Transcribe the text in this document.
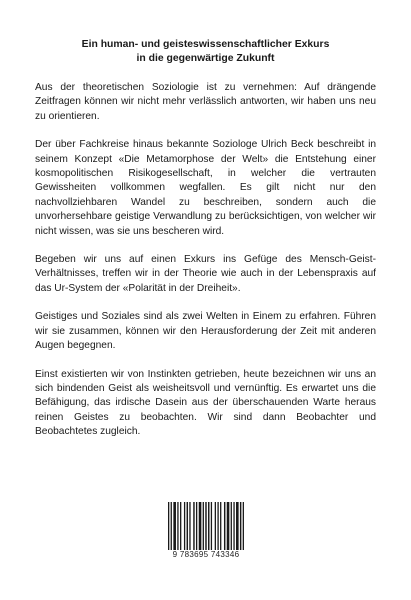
Ein human- und geisteswissenschaftlicher Exkurs
in die gegenwärtige Zukunft

Aus der theoretischen Soziologie ist zu vernehmen: Auf drängende Zeitfragen können wir nicht mehr verlässlich antworten, wir haben uns neu zu orientieren.

Der über Fachkreise hinaus bekannte Soziologe Ulrich Beck beschreibt in seinem Konzept «Die Metamorphose der Welt» die Entstehung einer kosmopolitischen Risikogesellschaft, in welcher die vertrauten Gewissheiten vollkommen wegfallen. Es gilt nicht nur den nachvollziehbaren Wandel zu beschreiben, sondern auch die unvorhersehbare geistige Verwandlung zu berücksichtigen, von welcher wir nicht wissen, was sie uns bescheren wird.

Begeben wir uns auf einen Exkurs ins Gefüge des Mensch-Geist-Verhältnisses, treffen wir in der Theorie wie auch in der Lebenspraxis auf das Ur-System der «Polarität in der Dreiheit».

Geistiges und Soziales sind als zwei Welten in Einem zu erfahren. Führen wir sie zusammen, können wir den Herausforderung der Zeit mit anderen Augen begegnen.

Einst existierten wir von Instinkten getrieben, heute bezeichnen wir uns an sich bindenden Geist als weisheitsvoll und vernünftig. Es erwartet uns die Befähigung, das irdische Dasein aus der überschauenden Warte heraus reinen Geistes zu beobachten. Wir sind dann Beobachter und Beobachtetes zugleich.

9 783695 743346
